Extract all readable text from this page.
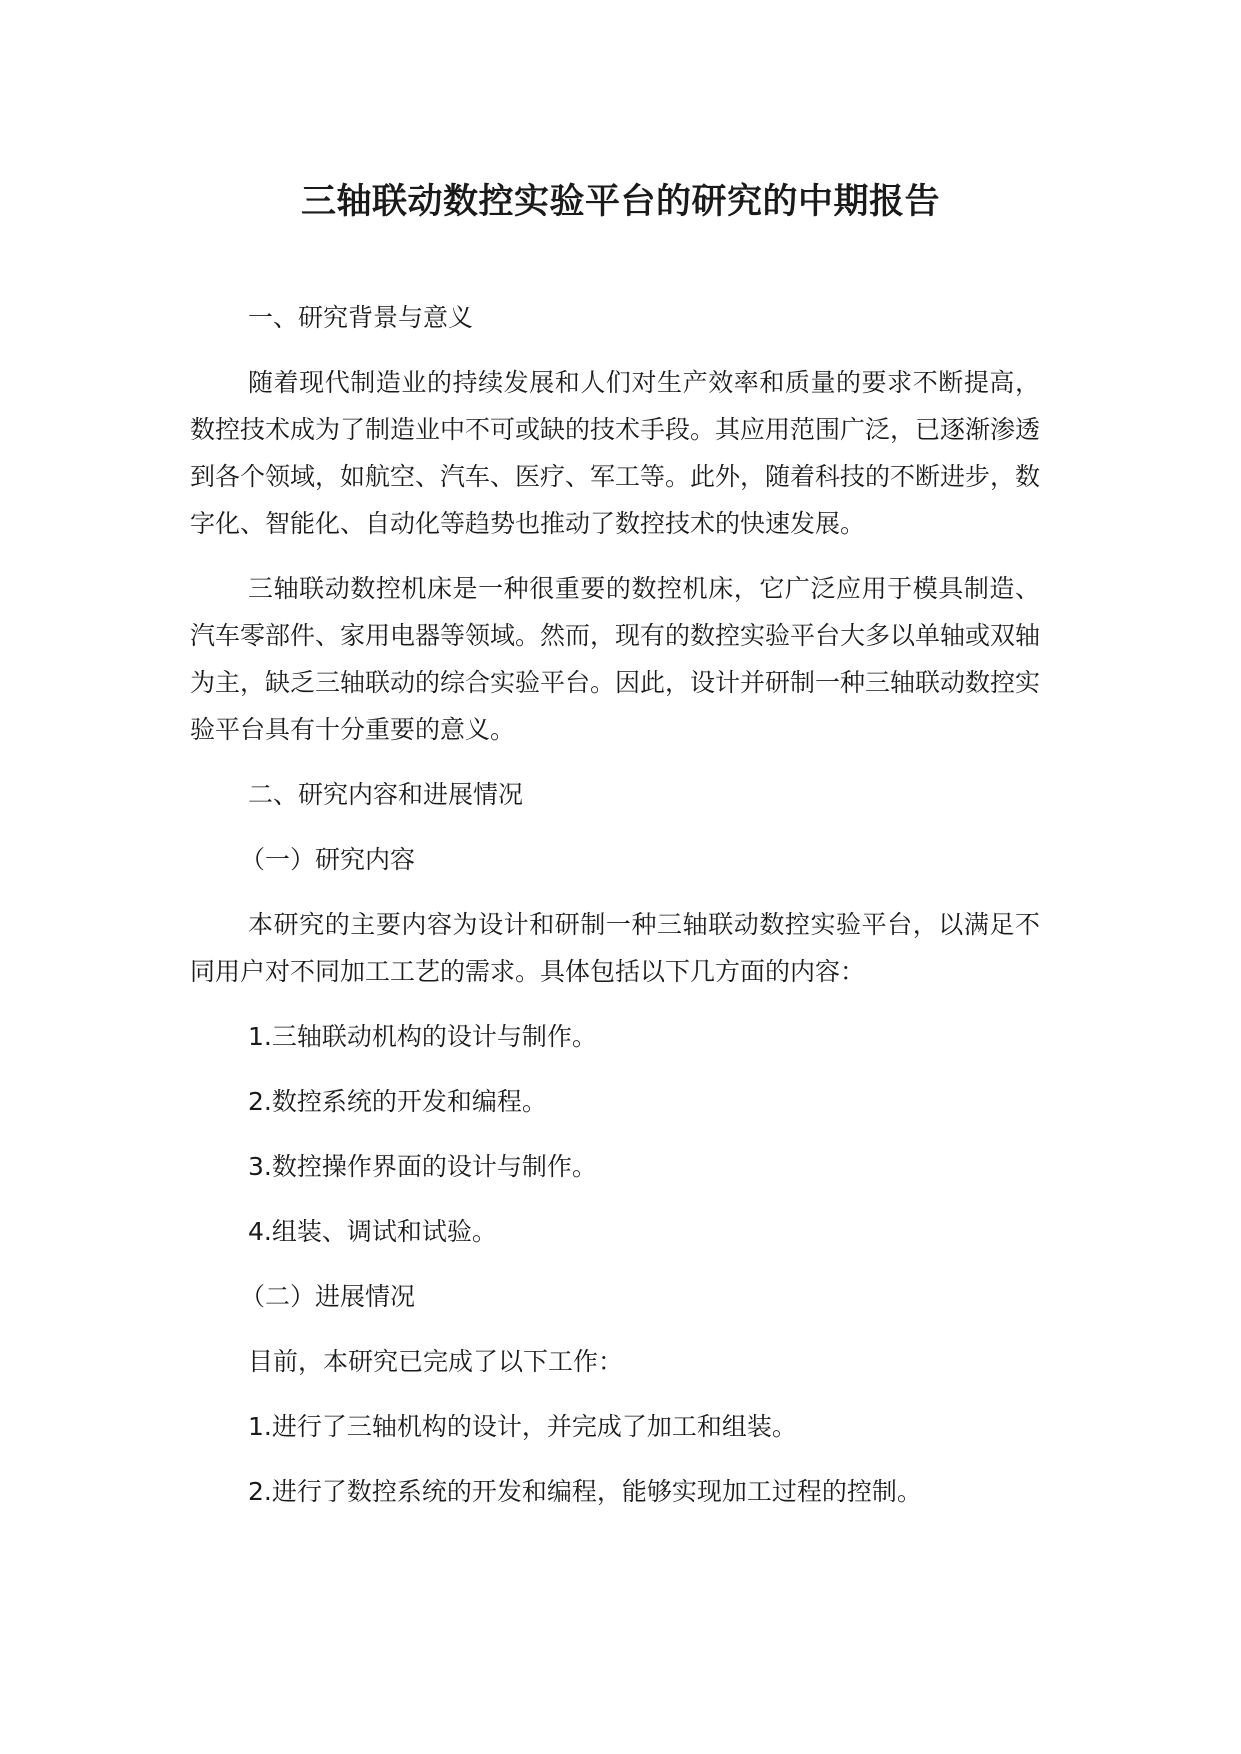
三轴联动数控实验平台的研究的中期报告
一、研究背景与意义

随着现代制造业的持续发展和人们对生产效率和质量的要求不断提高，数控技术成为了制造业中不可或缺的技术手段。其应用范围广泛，已逐渐渗透到各个领域，如航空、汽车、医疗、军工等。此外，随着科技的不断进步，数字化、智能化、自动化等趋势也推动了数控技术的快速发展。

三轴联动数控机床是一种很重要的数控机床，它广泛应用于模具制造、汽车零部件、家用电器等领域。然而，现有的数控实验平台大多以单轴或双轴为主，缺乏三轴联动的综合实验平台。因此，设计并研制一种三轴联动数控实验平台具有十分重要的意义。

二、研究内容和进展情况
（一）研究内容

本研究的主要内容为设计和研制一种三轴联动数控实验平台，以满足不同用户对不同加工工艺的需求。具体包括以下几方面的内容：

1.三轴联动机构的设计与制作。
2.数控系统的开发和编程。
3.数控操作界面的设计与制作。
4.组装、调试和试验。
（二）进展情况
目前，本研究已完成了以下工作：
1.进行了三轴机构的设计，并完成了加工和组装。
2.进行了数控系统的开发和编程，能够实现加工过程的控制。
